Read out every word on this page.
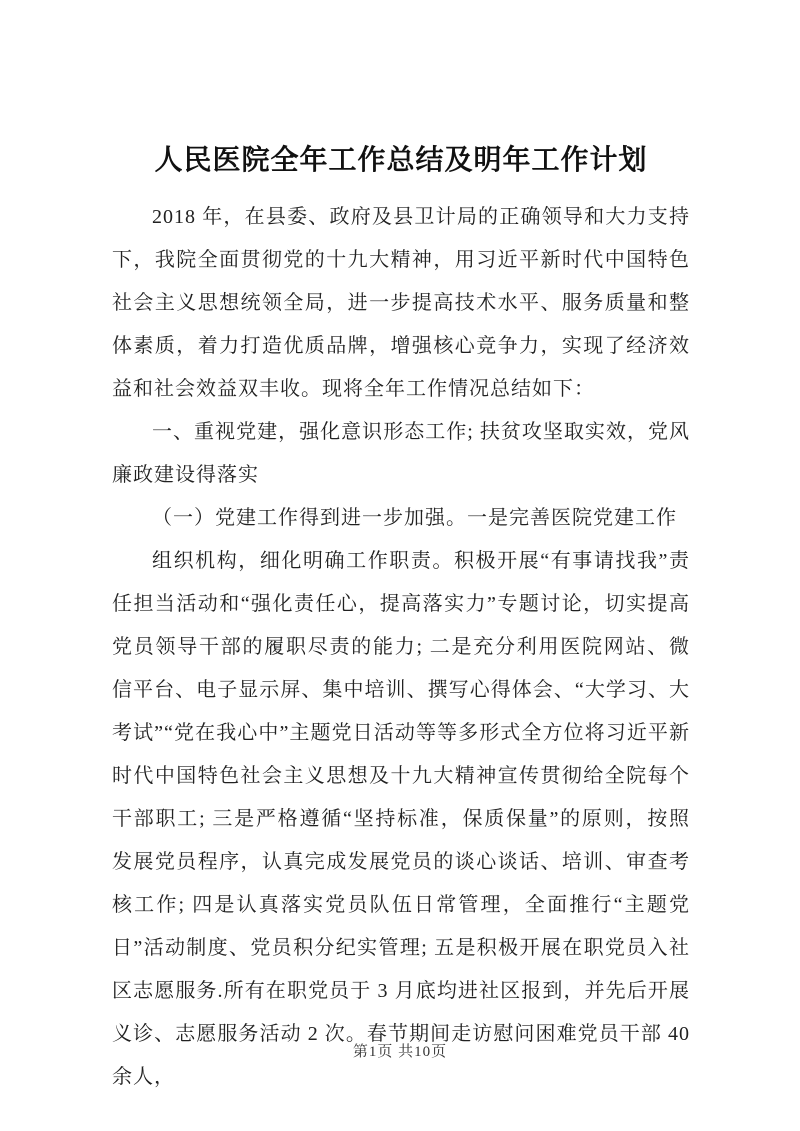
人民医院全年工作总结及明年工作计划

2018 年，在县委、政府及县卫计局的正确领导和大力支持下，我院全面贯彻党的十九大精神，用习近平新时代中国特色社会主义思想统领全局，进一步提高技术水平、服务质量和整体素质，着力打造优质品牌，增强核心竞争力，实现了经济效益和社会效益双丰收。现将全年工作情况总结如下：

一、重视党建，强化意识形态工作; 扶贫攻坚取实效，党风廉政建设得落实

（一）党建工作得到进一步加强。一是完善医院党建工作

组织机构，细化明确工作职责。积极开展“有事请找我”责任担当活动和“强化责任心，提高落实力”专题讨论，切实提高党员领导干部的履职尽责的能力; 二是充分利用医院网站、微信平台、电子显示屏、集中培训、撰写心得体会、“大学习、大考试”“党在我心中”主题党日活动等等多形式全方位将习近平新时代中国特色社会主义思想及十九大精神宣传贯彻给全院每个干部职工; 三是严格遵循“坚持标准，保质保量”的原则，按照发展党员程序，认真完成发展党员的谈心谈话、培训、审查考核工作; 四是认真落实党员队伍日常管理，全面推行“主题党日”活动制度、党员积分纪实管理; 五是积极开展在职党员入社区志愿服务.所有在职党员于 3 月底均进社区报到，并先后开展义诊、志愿服务活动 2 次。春节期间走访慰问困难党员干部 40 余人，

第1页 共10页
